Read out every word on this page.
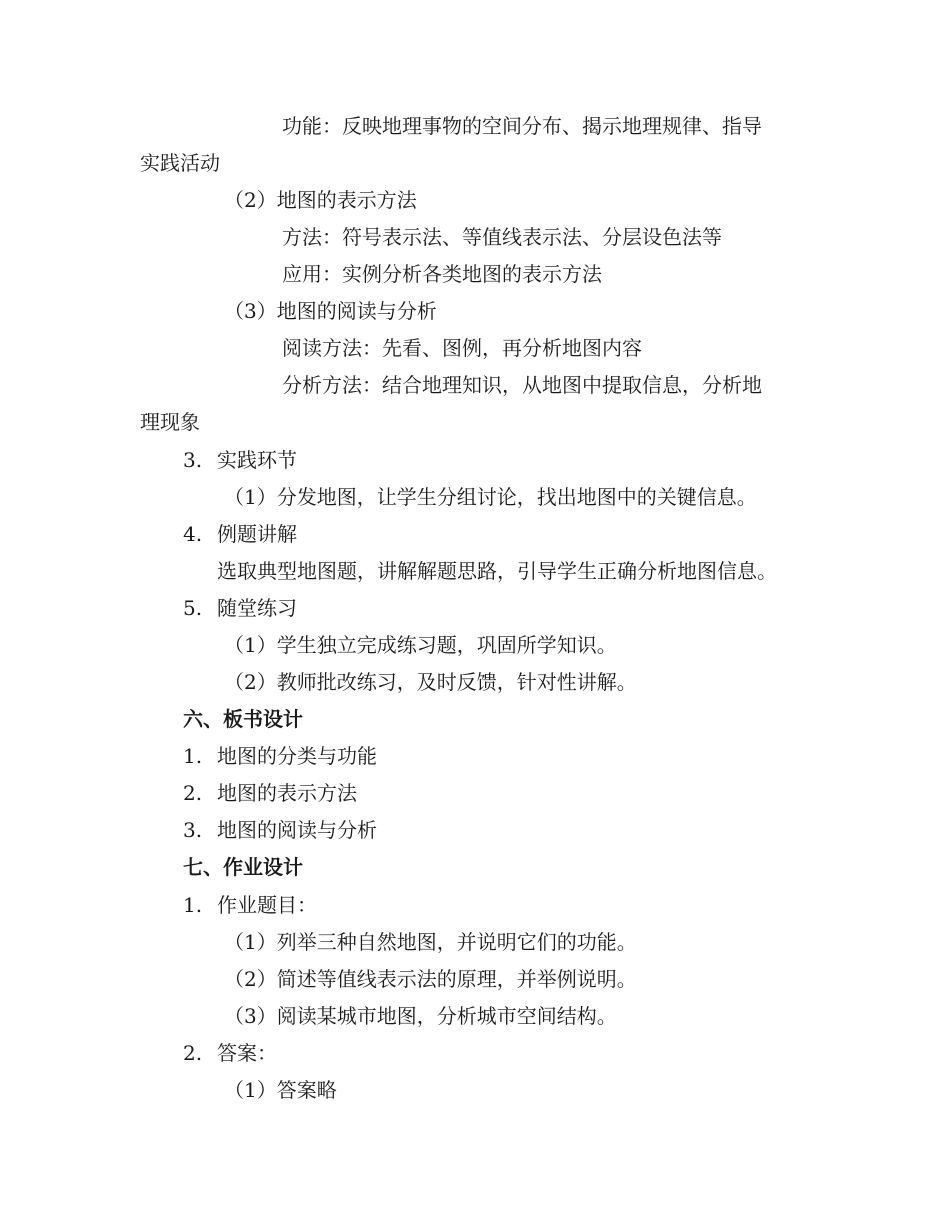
功能：反映地理事物的空间分布、揭示地理规律、指导
实践活动
（2）地图的表示方法
方法：符号表示法、等值线表示法、分层设色法等
应用：实例分析各类地图的表示方法
（3）地图的阅读与分析
阅读方法：先看、图例，再分析地图内容
分析方法：结合地理知识，从地图中提取信息，分析地
理现象
3. 实践环节
（1）分发地图，让学生分组讨论，找出地图中的关键信息。
4. 例题讲解
选取典型地图题，讲解解题思路，引导学生正确分析地图信息。
5. 随堂练习
（1）学生独立完成练习题，巩固所学知识。
（2）教师批改练习，及时反馈，针对性讲解。
六、板书设计
1. 地图的分类与功能
2. 地图的表示方法
3. 地图的阅读与分析
七、作业设计
1. 作业题目：
（1）列举三种自然地图，并说明它们的功能。
（2）简述等值线表示法的原理，并举例说明。
（3）阅读某城市地图，分析城市空间结构。
2. 答案：
（1）答案略
